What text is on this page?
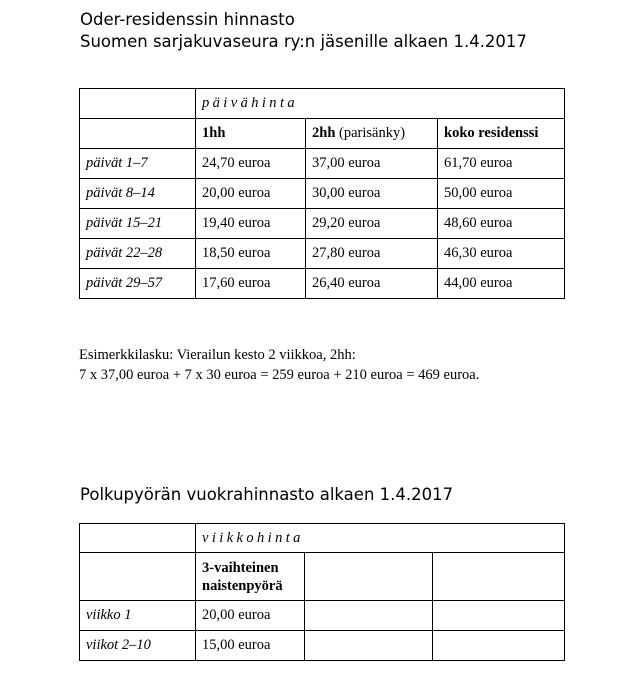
Oder-residenssin hinnasto
Suomen sarjakuvaseura ry:n jäsenille alkaen 1.4.2017
	päivähinta		
	1hh	2hh (parisänky)	koko residenssi
päivät 1–7	24,70 euroa	37,00 euroa	61,70 euroa
päivät 8–14	20,00 euroa	30,00 euroa	50,00 euroa
päivät 15–21	19,40 euroa	29,20 euroa	48,60 euroa
päivät 22–28	18,50 euroa	27,80 euroa	46,30 euroa
päivät 29–57	17,60 euroa	26,40 euroa	44,00 euroa

Esimerkkilasku: Vierailun kesto 2 viikkoa, 2hh:

7 x 37,00 euroa + 7 x 30 euroa = 259 euroa + 210 euroa = 469 euroa.

Polkupyörän vuokrahinnasto alkaen 1.4.2017
	viikkohinta		
	3-vaihteinen
naistenpyörä		
viikko 1	20,00 euroa		
viikot 2–10	15,00 euroa		
